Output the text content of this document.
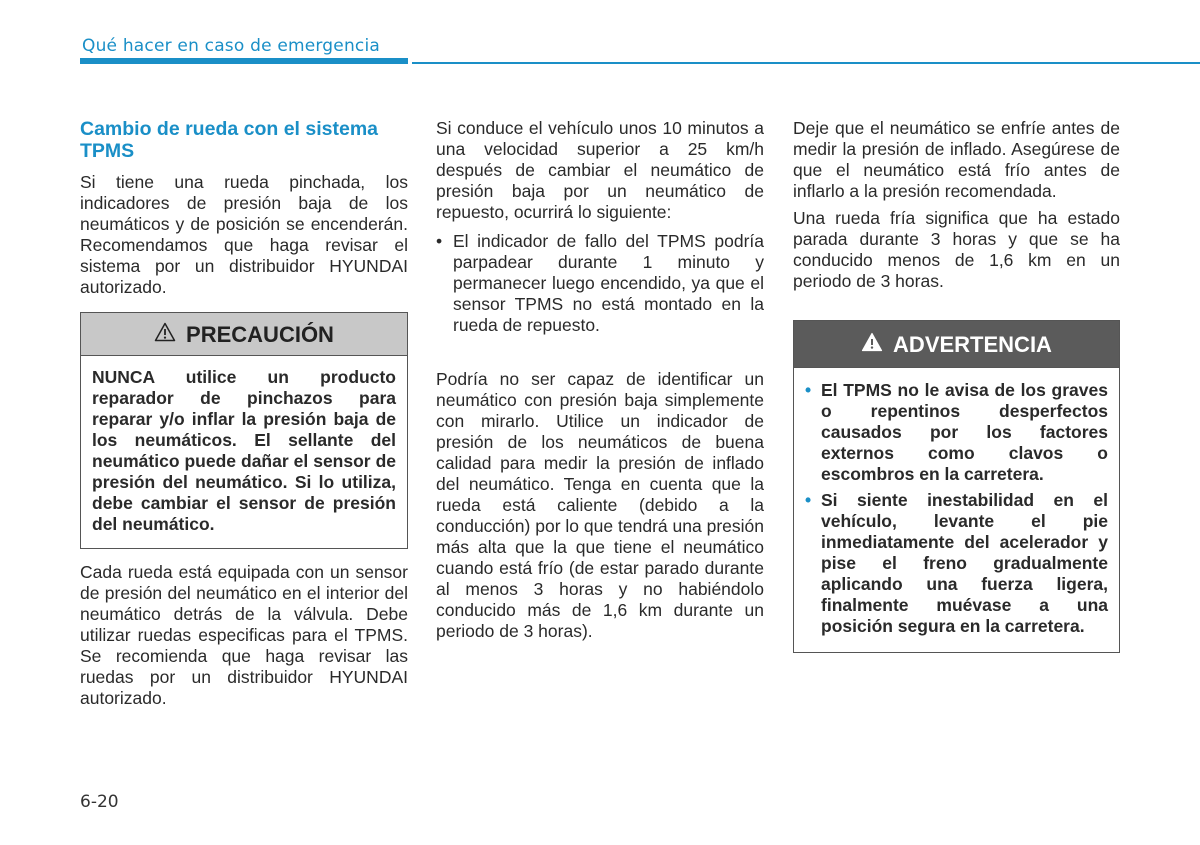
Qué hacer en caso de emergencia
Cambio de rueda con el sistema TPMS

Si tiene una rueda pinchada, los indicadores de presión baja de los neumáticos y de posición se encenderán. Recomendamos que haga revisar el sistema por un distribuidor HYUNDAI autorizado.

PRECAUCIÓN
NUNCA utilice un producto reparador de pinchazos para reparar y/o inflar la presión baja de los neumáticos. El sellante del neumático puede dañar el sensor de presión del neumático. Si lo utiliza, debe cambiar el sensor de presión del neumático.

Cada rueda está equipada con un sensor de presión del neumático en el interior del neumático detrás de la válvula. Debe utilizar ruedas especificas para el TPMS. Se recomienda que haga revisar las ruedas por un distribuidor HYUNDAI autorizado.

Si conduce el vehículo unos 10 minutos a una velocidad superior a 25 km/h después de cambiar el neumático de presión baja por un neumático de repuesto, ocurrirá lo siguiente:

• El indicador de fallo del TPMS podría parpadear durante 1 minuto y permanecer luego encendido, ya que el sensor TPMS no está montado en la rueda de repuesto.

Podría no ser capaz de identificar un neumático con presión baja simplemente con mirarlo. Utilice un indicador de presión de los neumáticos de buena calidad para medir la presión de inflado del neumático. Tenga en cuenta que la rueda está caliente (debido a la conducción) por lo que tendrá una presión más alta que la que tiene el neumático cuando está frío (de estar parado durante al menos 3 horas y no habiéndolo conducido más de 1,6 km durante un periodo de 3 horas).

Deje que el neumático se enfríe antes de medir la presión de inflado. Asegúrese de que el neumático está frío antes de inflarlo a la presión recomendada.

Una rueda fría significa que ha estado parada durante 3 horas y que se ha conducido menos de 1,6 km en un periodo de 3 horas.

ADVERTENCIA
• El TPMS no le avisa de los graves o repentinos desperfectos causados por los factores externos como clavos o escombros en la carretera.
• Si siente inestabilidad en el vehículo, levante el pie inmediatamente del acelerador y pise el freno gradualmente aplicando una fuerza ligera, finalmente muévase a una posición segura en la carretera.
6-20
